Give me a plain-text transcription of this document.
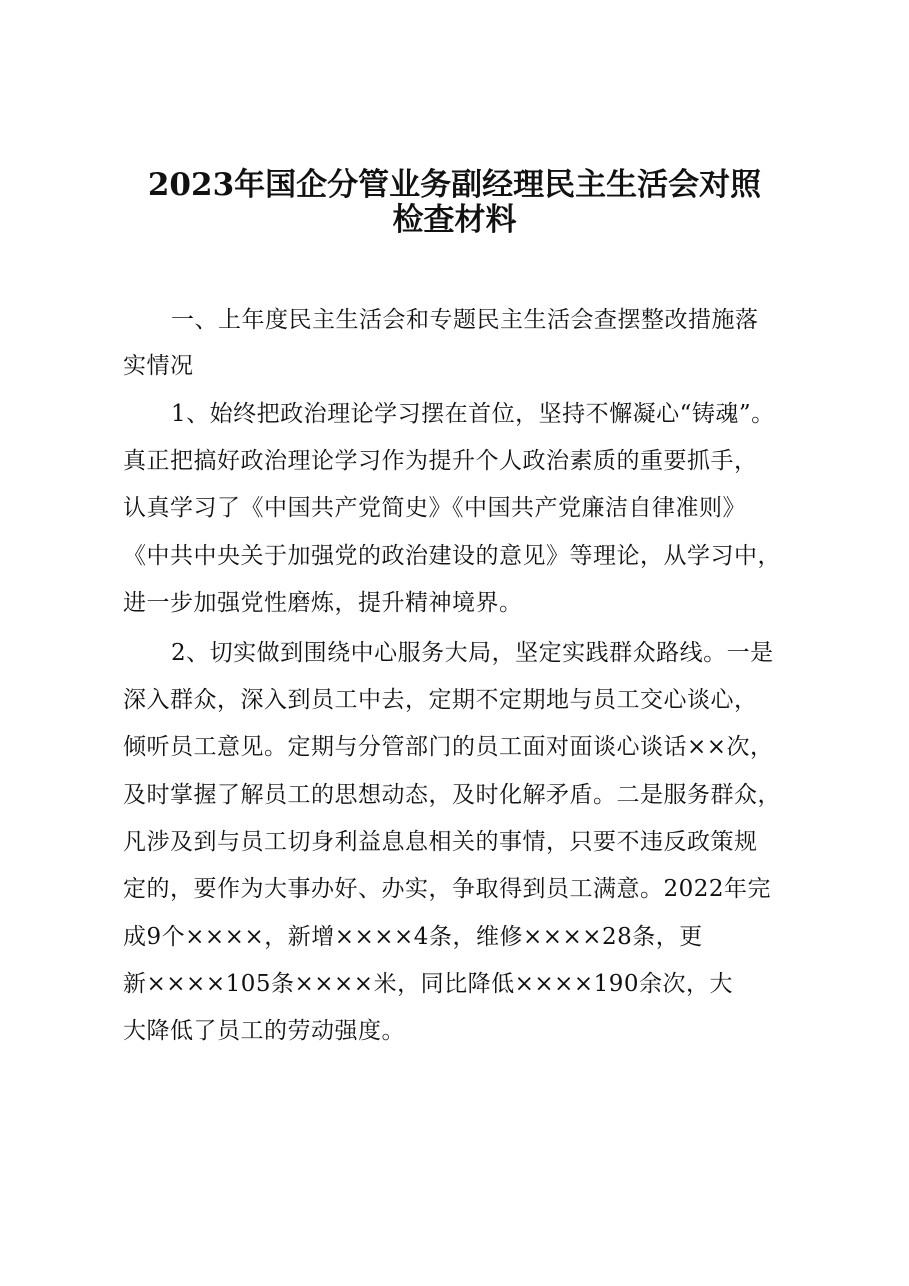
2023年国企分管业务副经理民主生活会对照
检查材料
一、上年度民主生活会和专题民主生活会查摆整改措施落
实情况
1、始终把政治理论学习摆在首位，坚持不懈凝心“铸魂”。
真正把搞好政治理论学习作为提升个人政治素质的重要抓手，
认真学习了《中国共产党简史》《中国共产党廉洁自律准则》
《中共中央关于加强党的政治建设的意见》等理论，从学习中，
进一步加强党性磨炼，提升精神境界。
2、切实做到围绕中心服务大局，坚定实践群众路线。一是
深入群众，深入到员工中去，定期不定期地与员工交心谈心，
倾听员工意见。定期与分管部门的员工面对面谈心谈话××次，
及时掌握了解员工的思想动态，及时化解矛盾。二是服务群众，
凡涉及到与员工切身利益息息相关的事情，只要不违反政策规
定的，要作为大事办好、办实，争取得到员工满意。2022年完
成9个××××，新增××××4条，维修××××28条，更
新××××105条××××米，同比降低××××190余次，大
大降低了员工的劳动强度。
